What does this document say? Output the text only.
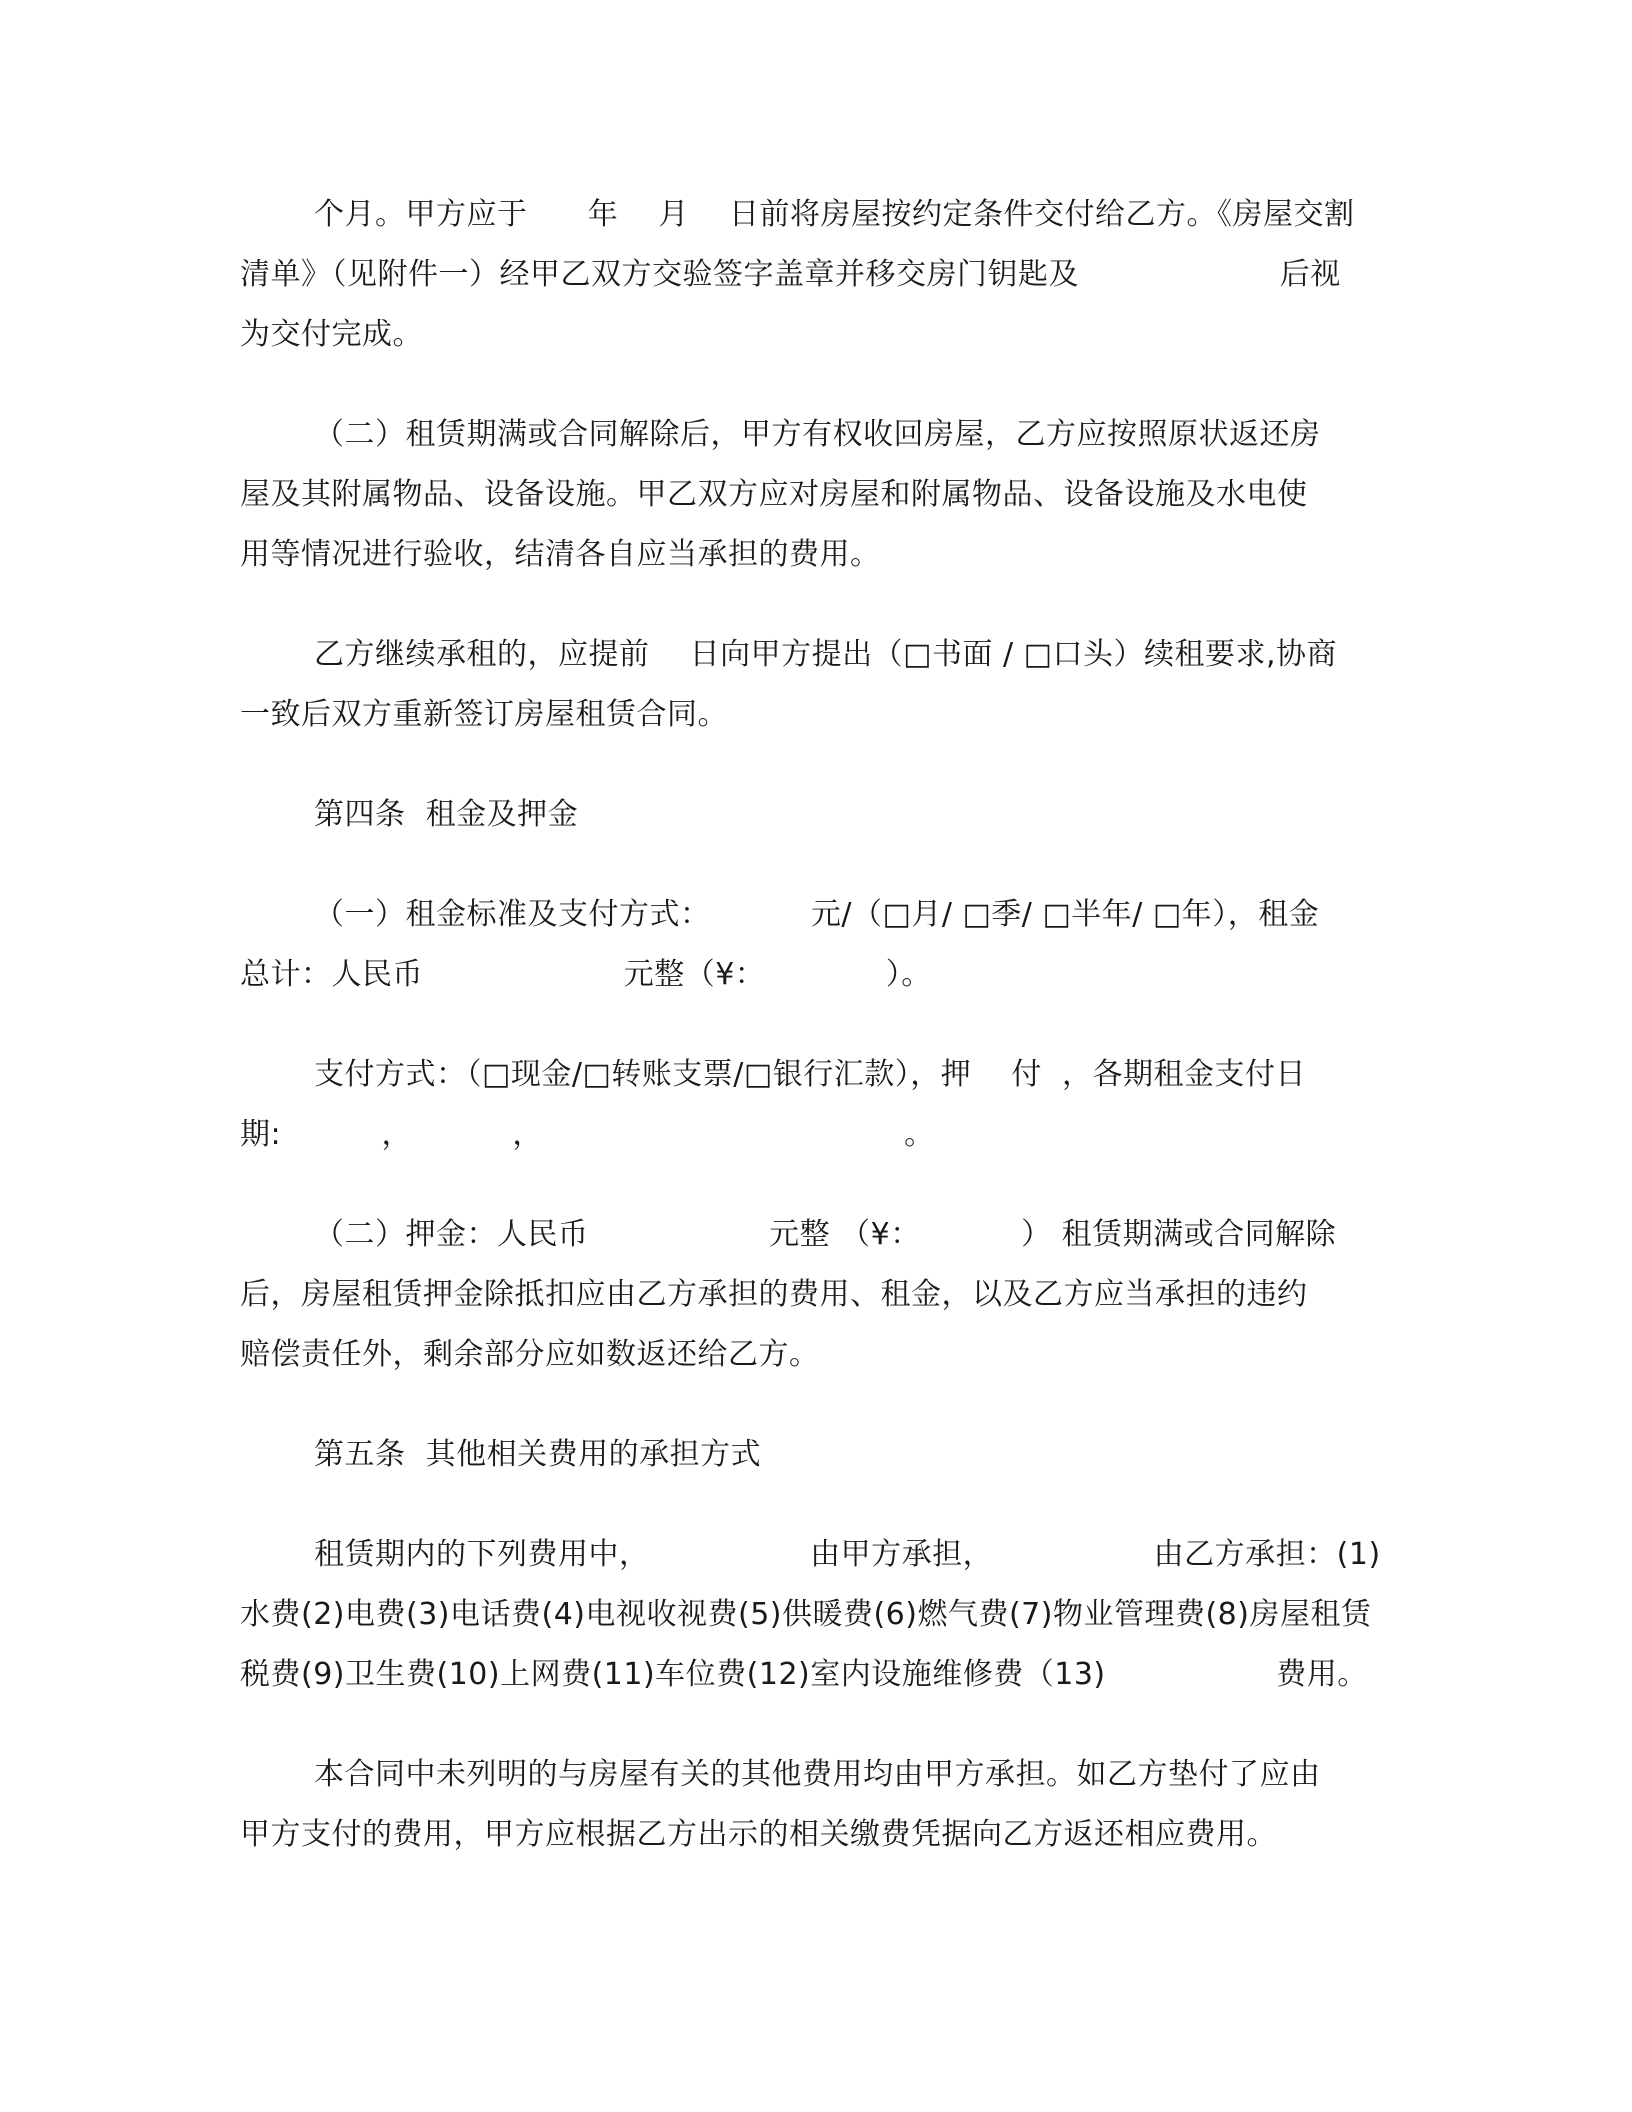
个月。甲方应于      年    月    日前将房屋按约定条件交付给乙方。《房屋交割
清单》（见附件一）经甲乙双方交验签字盖章并移交房门钥匙及                    后视
为交付完成。
（二）租赁期满或合同解除后，甲方有权收回房屋，乙方应按照原状返还房
屋及其附属物品、设备设施。甲乙双方应对房屋和附属物品、设备设施及水电使
用等情况进行验收，结清各自应当承担的费用。
乙方继续承租的，应提前    日向甲方提出（□书面 / □口头）续租要求,协商
一致后双方重新签订房屋租赁合同。
第四条  租金及押金
（一）租金标准及支付方式：          元/（□月/ □季/ □半年/ □年），租金
总计：人民币                    元整（¥：            ）。
支付方式：（□现金/□转账支票/□银行汇款），押    付  ，各期租金支付日
期:          ，          ，                                    。
（二）押金：人民币                  元整 （¥：          ） 租赁期满或合同解除
后，房屋租赁押金除抵扣应由乙方承担的费用、租金，以及乙方应当承担的违约
赔偿责任外，剩余部分应如数返还给乙方。
第五条  其他相关费用的承担方式
租赁期内的下列费用中，                由甲方承担，                由乙方承担：(1)
水费(2)电费(3)电话费(4)电视收视费(5)供暖费(6)燃气费(7)物业管理费(8)房屋租赁
税费(9)卫生费(10)上网费(11)车位费(12)室内设施维修费（13)                 费用。
本合同中未列明的与房屋有关的其他费用均由甲方承担。如乙方垫付了应由
甲方支付的费用，甲方应根据乙方出示的相关缴费凭据向乙方返还相应费用。
